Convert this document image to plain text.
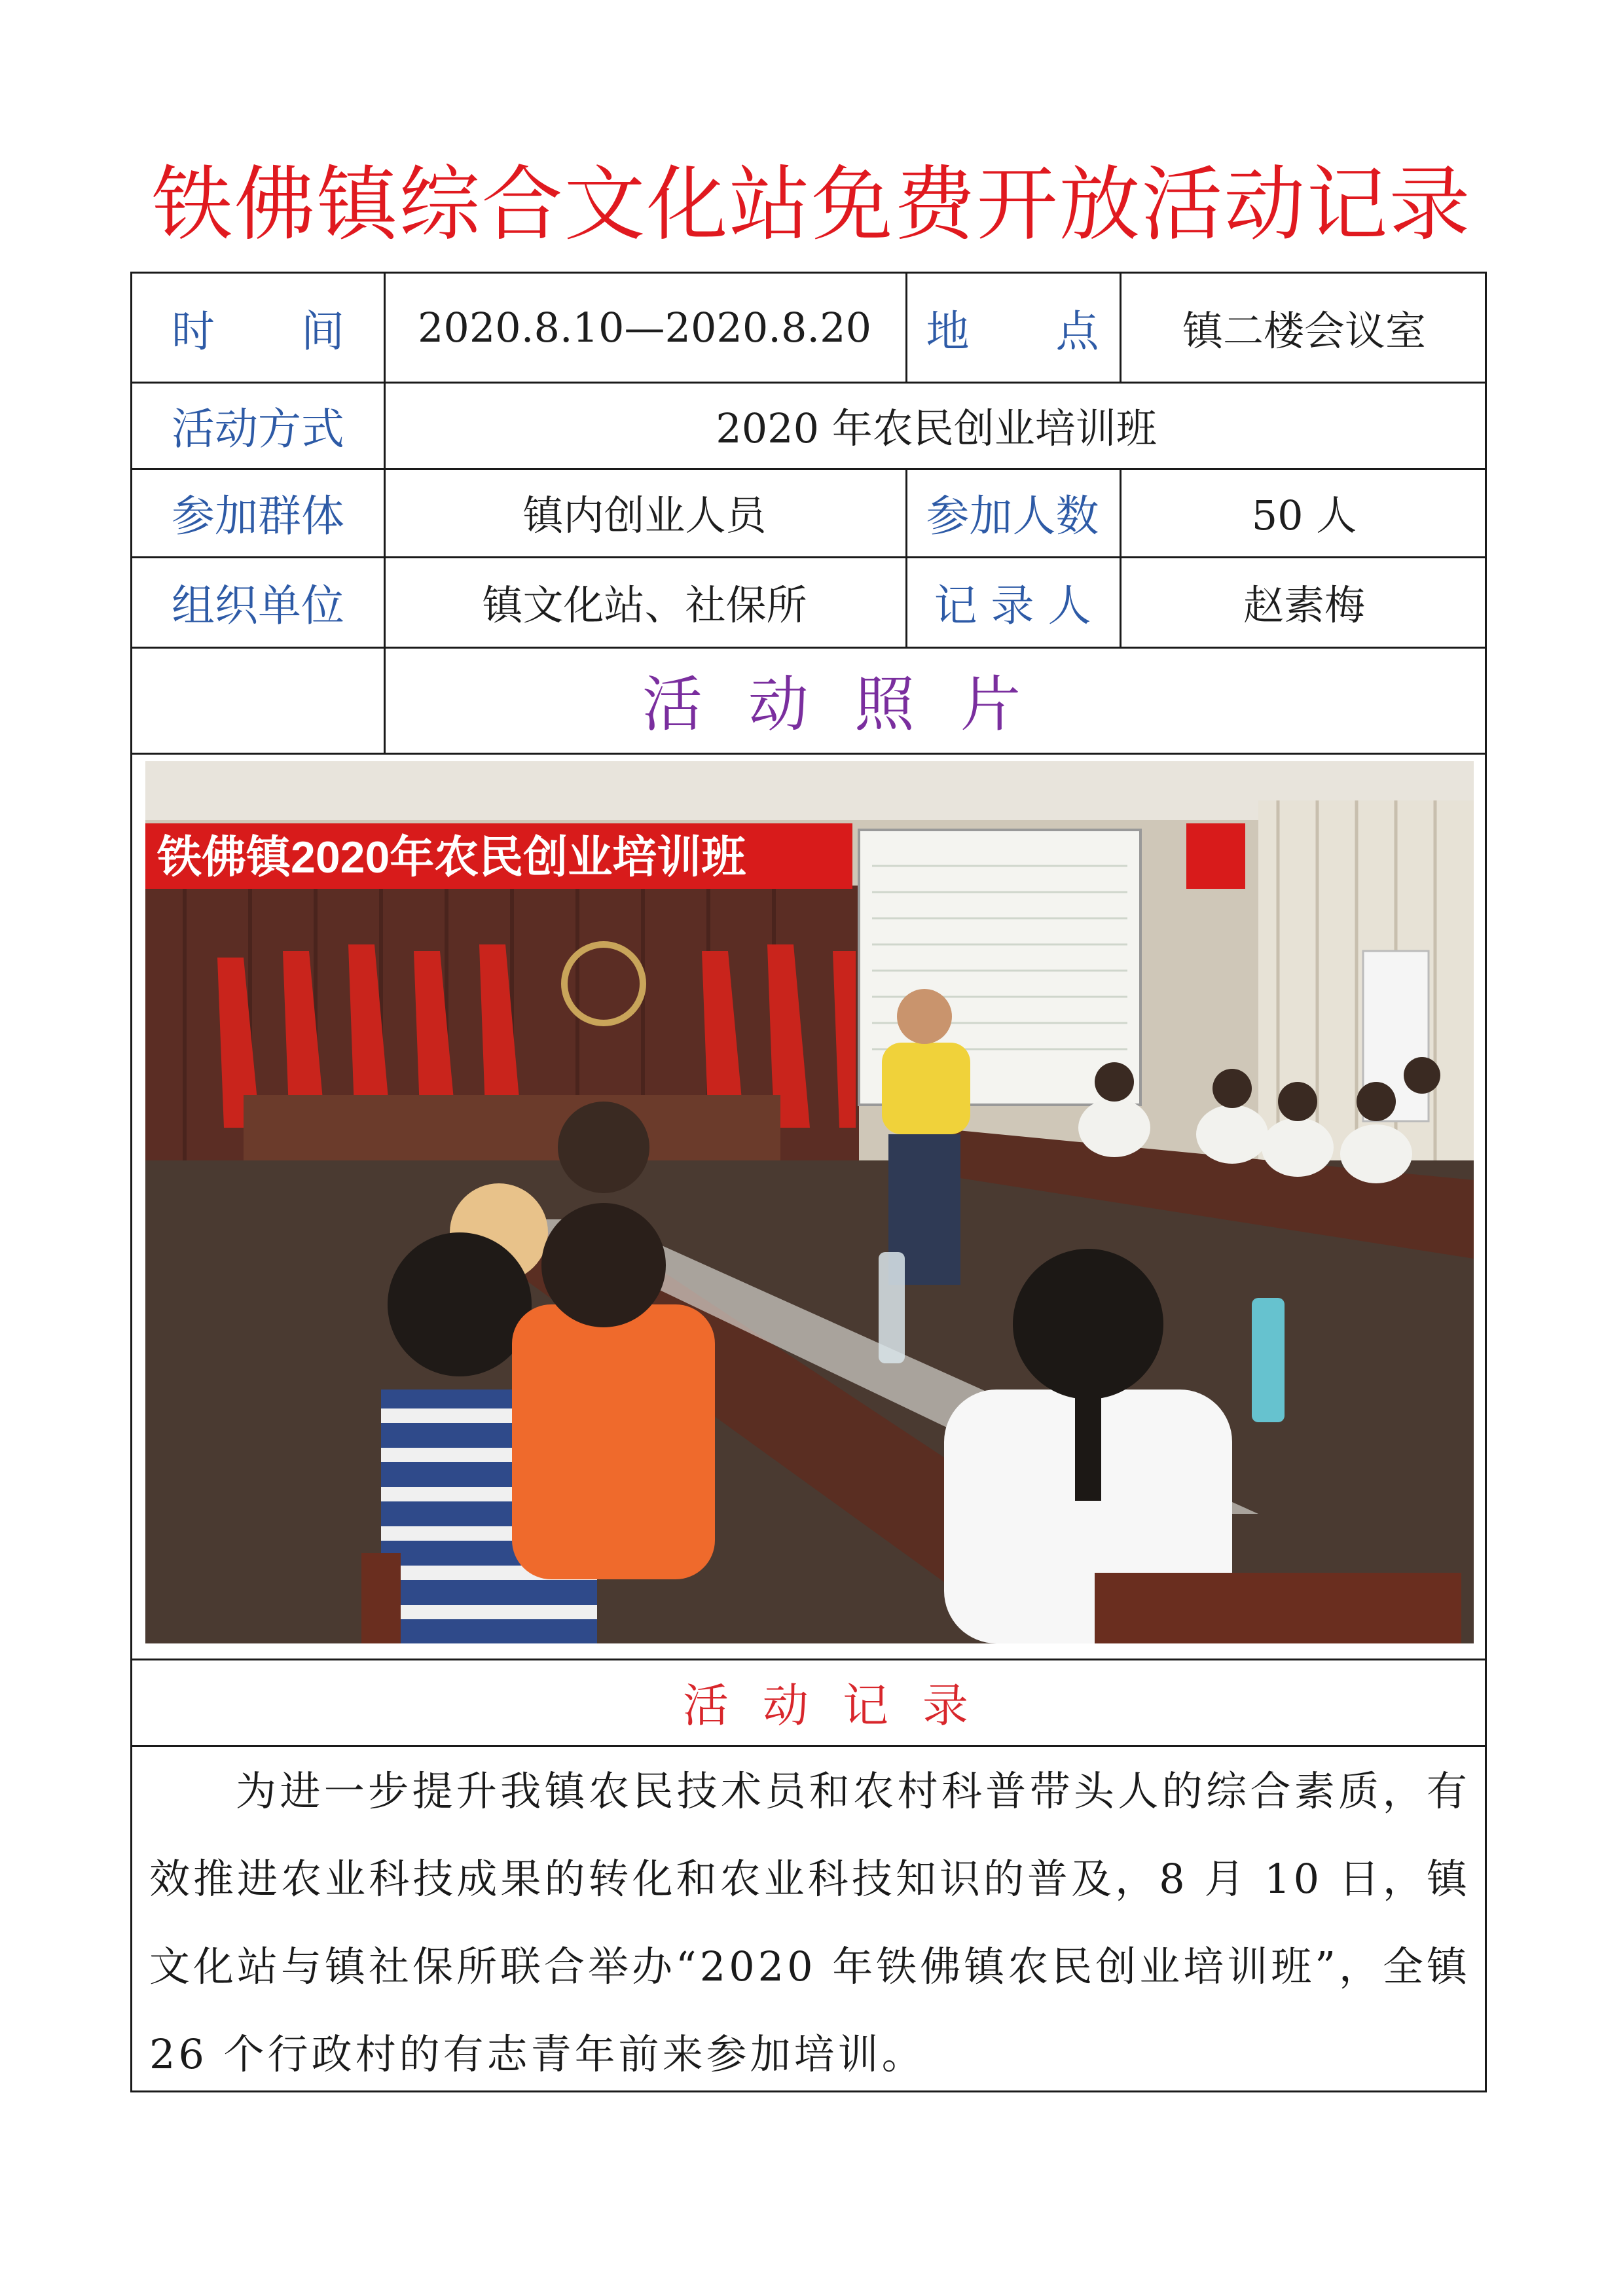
铁佛镇综合文化站免费开放活动记录
时　　间	2020.8.10—2020.8.20	地　　点	镇二楼会议室
活动方式	2020 年农民创业培训班
参加群体	镇内创业人员	参加人数	50 人
组织单位	镇文化站、社保所	记 录 人	赵素梅
活动照片
活动记录
铁佛镇2020年农民创业培训班
为进一步提升我镇农民技术员和农村科普带头人的综合素质，有效推进农业科技成果的转化和农业科技知识的普及，8 月 10 日，镇文化站与镇社保所联合举办“2020 年铁佛镇农民创业培训班”，全镇 26 个行政村的有志青年前来参加培训。
